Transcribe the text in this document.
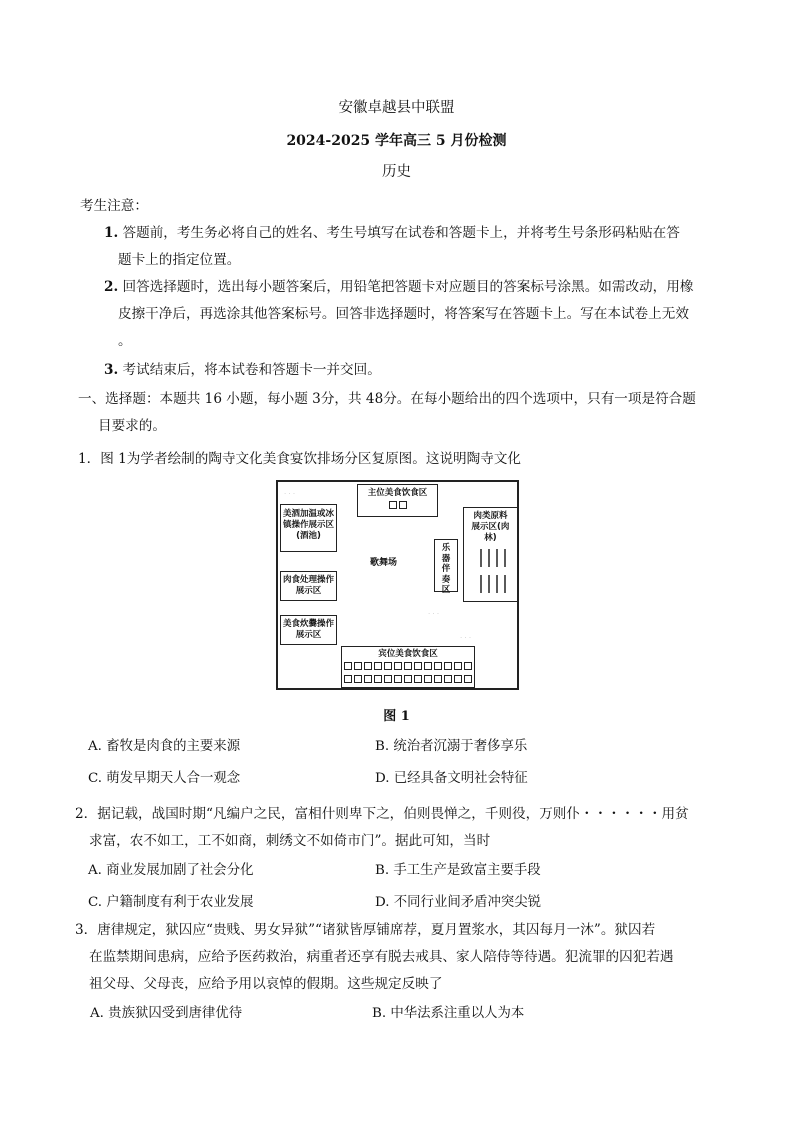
安徽卓越县中联盟
2024-2025 学年高三 5 月份检测
历史
考生注意：
1. 答题前，考生务必将自己的姓名、考生号填写在试卷和答题卡上，并将考生号条形码粘贴在答
题卡上的指定位置。
2. 回答选择题时，选出每小题答案后，用铅笔把答题卡对应题目的答案标号涂黑。如需改动，用橡
皮擦干净后，再选涂其他答案标号。回答非选择题时，将答案写在答题卡上。写在本试卷上无效
。
3. 考试结束后，将本试卷和答题卡一并交回。
一、选择题：本题共 16 小题，每小题 3分，共 48分。在每小题给出的四个选项中，只有一项是符合题
目要求的。
1．图 1为学者绘制的陶寺文化美食宴饮排场分区复原图。这说明陶寺文化
· · ·
· · ·
· · ·
主位美食饮食区
美酒加温或冰镇操作展示区(酒池)
肉类原料展示区(肉林)
乐器伴奏区
歌舞场
肉食处理操作展示区
美食炊爨操作展示区
宾位美食饮食区
图 1
A. 畜牧是肉食的主要来源	B. 统治者沉溺于奢侈享乐
C. 萌发早期天人合一观念	D. 已经具备文明社会特征
2．据记载，战国时期“凡编户之民，富相什则卑下之，伯则畏惮之，千则役，万则仆・・・・・・用贫
求富，农不如工，工不如商，刺绣文不如倚市门”。据此可知，当时
A. 商业发展加剧了社会分化	B. 手工生产是致富主要手段
C. 户籍制度有利于农业发展	D. 不同行业间矛盾冲突尖锐
3．唐律规定，狱囚应“贵贱、男女异狱”“诸狱皆厚铺席荐，夏月置浆水，其囚每月一沐”。狱囚若
在监禁期间患病，应给予医药救治，病重者还享有脱去戒具、家人陪侍等待遇。犯流罪的囚犯若遇
祖父母、父母丧，应给予用以哀悼的假期。这些规定反映了
A. 贵族狱囚受到唐律优待	B. 中华法系注重以人为本
